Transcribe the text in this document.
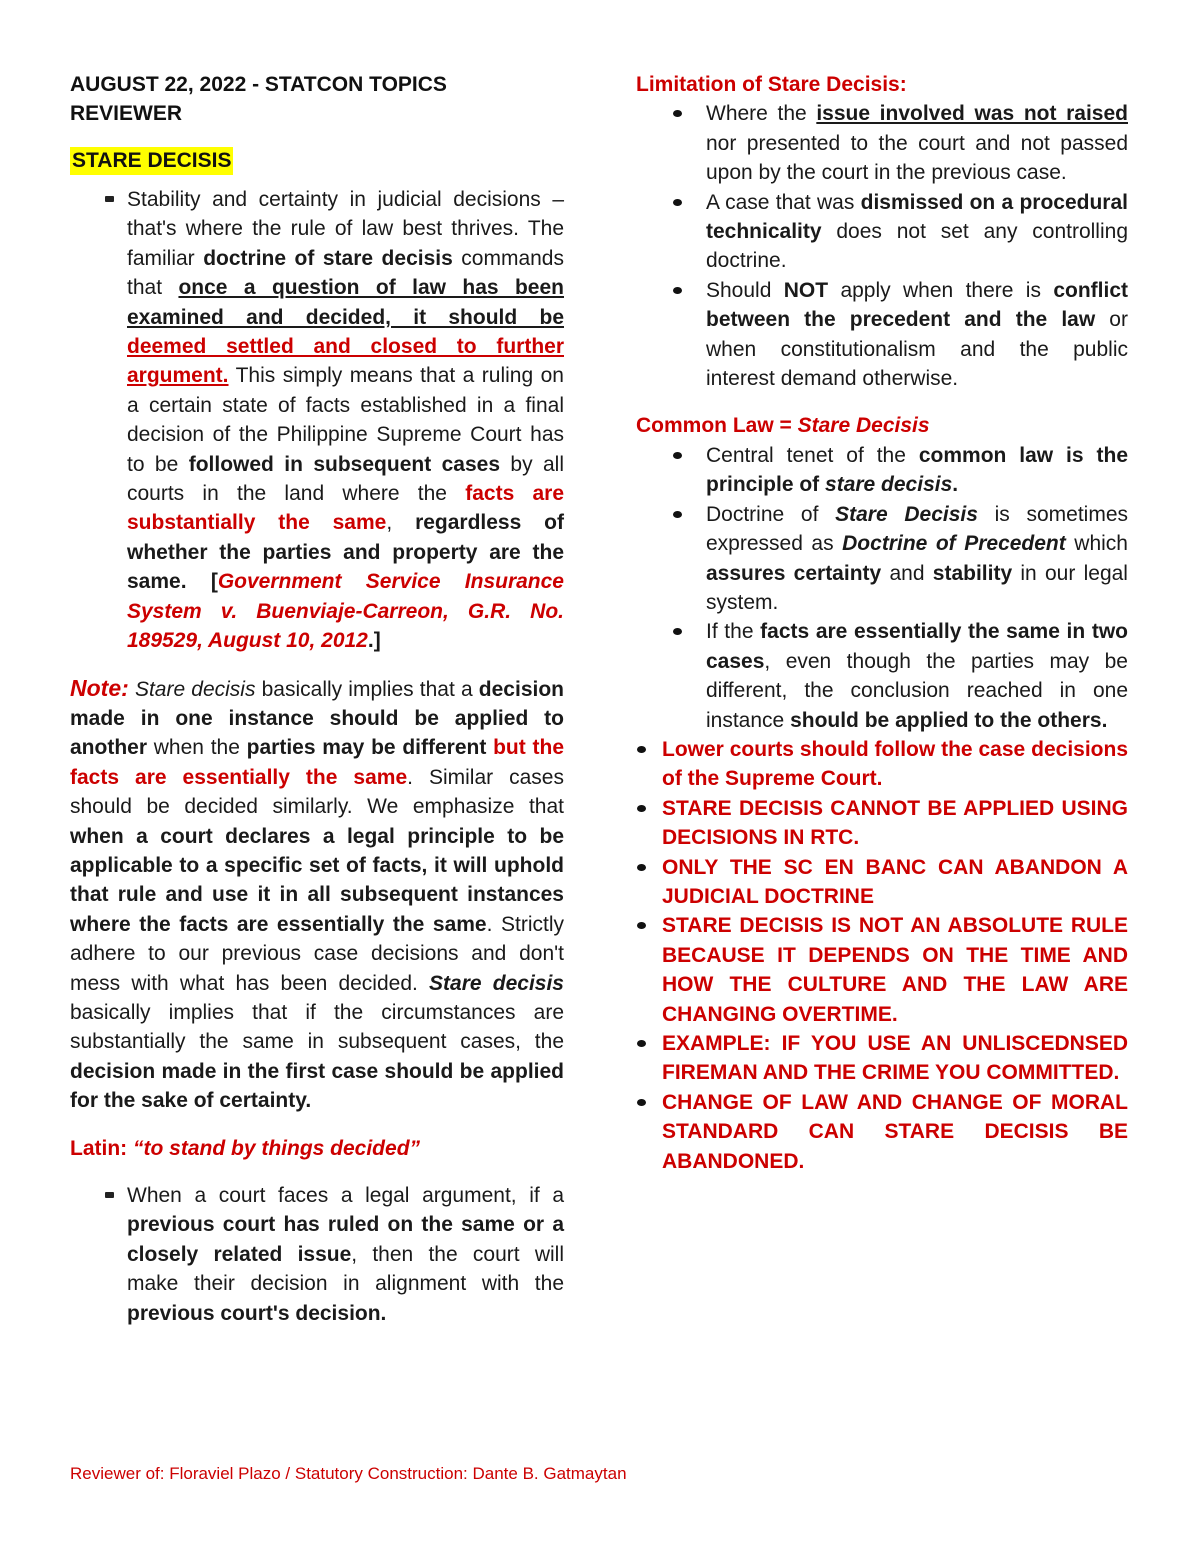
AUGUST 22, 2022 - STATCON TOPICS
REVIEWER

STARE DECISIS
Stability and certainty in judicial decisions – that's where the rule of law best thrives. The familiar doctrine of stare decisis commands that once a question of law has been examined and decided, it should be deemed settled and closed to further argument. This simply means that a ruling on a certain state of facts established in a final decision of the Philippine Supreme Court has to be followed in subsequent cases by all courts in the land where the facts are substantially the same, regardless of whether the parties and property are the same. [Government Service Insurance System v. Buenviaje-Carreon, G.R. No. 189529, August 10, 2012.]

Note: Stare decisis basically implies that a decision made in one instance should be applied to another when the parties may be different but the facts are essentially the same. Similar cases should be decided similarly. We emphasize that when a court declares a legal principle to be applicable to a specific set of facts, it will uphold that rule and use it in all subsequent instances where the facts are essentially the same. Strictly adhere to our previous case decisions and don't mess with what has been decided. Stare decisis basically implies that if the circumstances are substantially the same in subsequent cases, the decision made in the first case should be applied for the sake of certainty.

Latin: “to stand by things decided”

When a court faces a legal argument, if a previous court has ruled on the same or a closely related issue, then the court will make their decision in alignment with the previous court's decision.

Limitation of Stare Decisis:

Where the issue involved was not raised nor presented to the court and not passed upon by the court in the previous case.
A case that was dismissed on a procedural technicality does not set any controlling doctrine.
Should NOT apply when there is conflict between the precedent and the law or when constitutionalism and the public interest demand otherwise.

Common Law = Stare Decisis

Central tenet of the common law is the principle of stare decisis.
Doctrine of Stare Decisis is sometimes expressed as Doctrine of Precedent which assures certainty and stability in our legal system.
If the facts are essentially the same in two cases, even though the parties may be different, the conclusion reached in one instance should be applied to the others.
Lower courts should follow the case decisions of the Supreme Court.
STARE DECISIS CANNOT BE APPLIED USING DECISIONS IN RTC.
ONLY THE SC EN BANC CAN ABANDON A JUDICIAL DOCTRINE
STARE DECISIS IS NOT AN ABSOLUTE RULE BECAUSE IT DEPENDS ON THE TIME AND HOW THE CULTURE AND THE LAW ARE CHANGING OVERTIME.
EXAMPLE: IF YOU USE AN UNLISCEDNSED FIREMAN AND THE CRIME YOU COMMITTED.
CHANGE OF LAW AND CHANGE OF MORAL STANDARD CAN STARE DECISIS BE ABANDONED.
Reviewer of: Floraviel Plazo / Statutory Construction: Dante B. Gatmaytan
